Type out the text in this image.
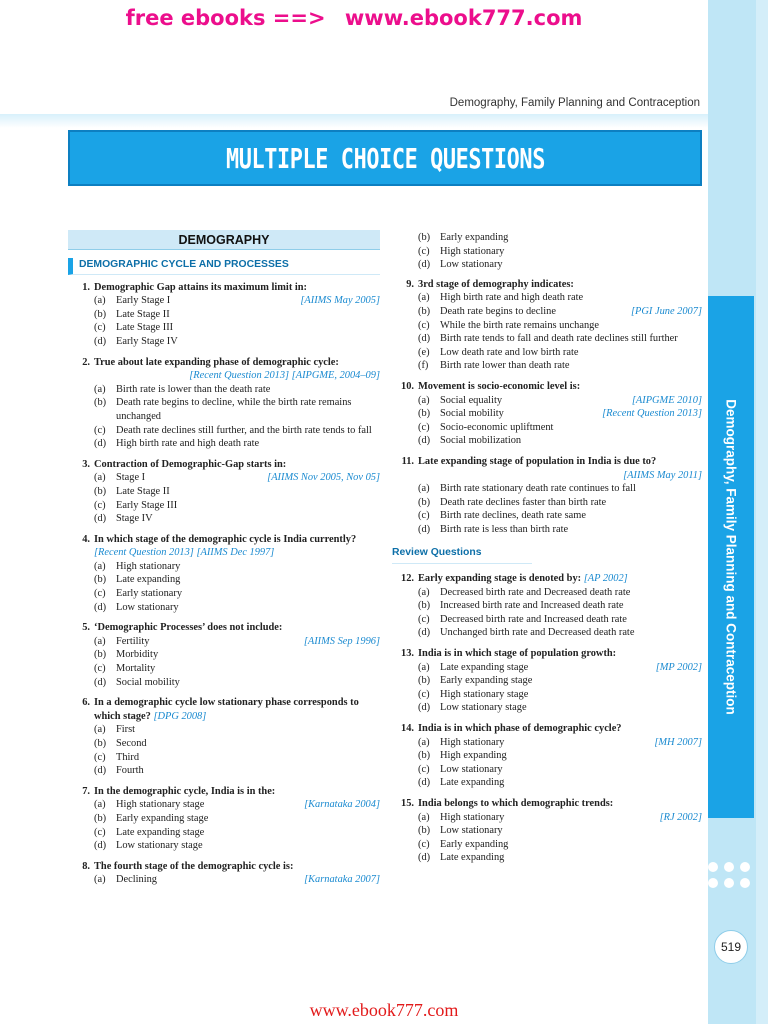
free ebooks ==> www.ebook777.com
Demography, Family Planning and Contraception
519
Demography, Family Planning and Contraception
MULTIPLE CHOICE QUESTIONS
DEMOGRAPHY
DEMOGRAPHIC CYCLE AND PROCESSES
1. Demographic Gap attains its maximum limit in:
(a)	Early Stage I	[AIIMS May 2005]
(b) Late Stage II
(c)	Late Stage III
(d) Early Stage IV
2. True about late expanding phase of demographic cycle:
[Recent Question 2013] [AIPGME, 2004–09]
(a)	Birth rate is lower than the death rate
(b) Death rate begins to decline, while the birth rate remains unchanged
(c)	Death rate declines still further, and the birth rate tends to fall
(d) High birth rate and high death rate
3. Contraction of Demographic-Gap starts in:
(a)	Stage I	[AIIMS Nov 2005, Nov 05]
(b) Late Stage II
(c)	Early Stage III
(d) Stage IV
4. In which stage of the demographic cycle is India currently? [Recent Question 2013] [AIIMS Dec 1997]
(a)	High stationary
(b) Late expanding
(c)	Early stationary
(d) Low stationary
5. ‘Demographic Processes’ does not include:
(a)	Fertility	[AIIMS Sep 1996]
(b) Morbidity
(c)	Mortality
(d) Social mobility
6. In a demographic cycle low stationary phase corresponds to which stage? [DPG 2008]
(a)	First
(b) Second
(c)	Third
(d) Fourth
7. In the demographic cycle, India is in the:
(a)	High stationary stage	[Karnataka 2004]
(b) Early expanding stage
(c)	Late expanding stage
(d) Low stationary stage
8. The fourth stage of the demographic cycle is:
(a)	Declining	[Karnataka 2007]
(b) Early expanding
(c)	High stationary
(d) Low stationary
9. 3rd stage of demography indicates:
(a)	High birth rate and high death rate
(b) Death rate begins to decline	[PGI June 2007]
(c)	While the birth rate remains unchange
(d) Birth rate tends to fall and death rate declines still further
(e)	Low death rate and low birth rate
(f)	Birth rate lower than death rate
10. Movement is socio-economic level is:
(a)	Social equality	[AIPGME 2010]
(b) Social mobility	[Recent Question 2013]
(c)	Socio-economic upliftment
(d) Social mobilization
11. Late expanding stage of population in India is due to?
[AIIMS May 2011]
(a)	Birth rate stationary death rate continues to fall
(b) Death rate declines faster than birth rate
(c)	Birth rate declines, death rate same
(d) Birth rate is less than birth rate
Review Questions
12. Early expanding stage is denoted by: [AP 2002]
(a)	Decreased birth rate and Decreased death rate
(b) Increased birth rate and Increased death rate
(c)	Decreased birth rate and Increased death rate
(d) Unchanged birth rate and Decreased death rate
13. India is in which stage of population growth:
(a)	Late expanding stage	[MP 2002]
(b) Early expanding stage
(c)	High stationary stage
(d) Low stationary stage
14. India is in which phase of demographic cycle?
(a)	High stationary	[MH 2007]
(b) High expanding
(c)	Low stationary
(d) Late expanding
15. India belongs to which demographic trends:
(a)	High stationary	[RJ 2002]
(b) Low stationary
(c)	Early expanding
(d) Late expanding
www.ebook777.com
